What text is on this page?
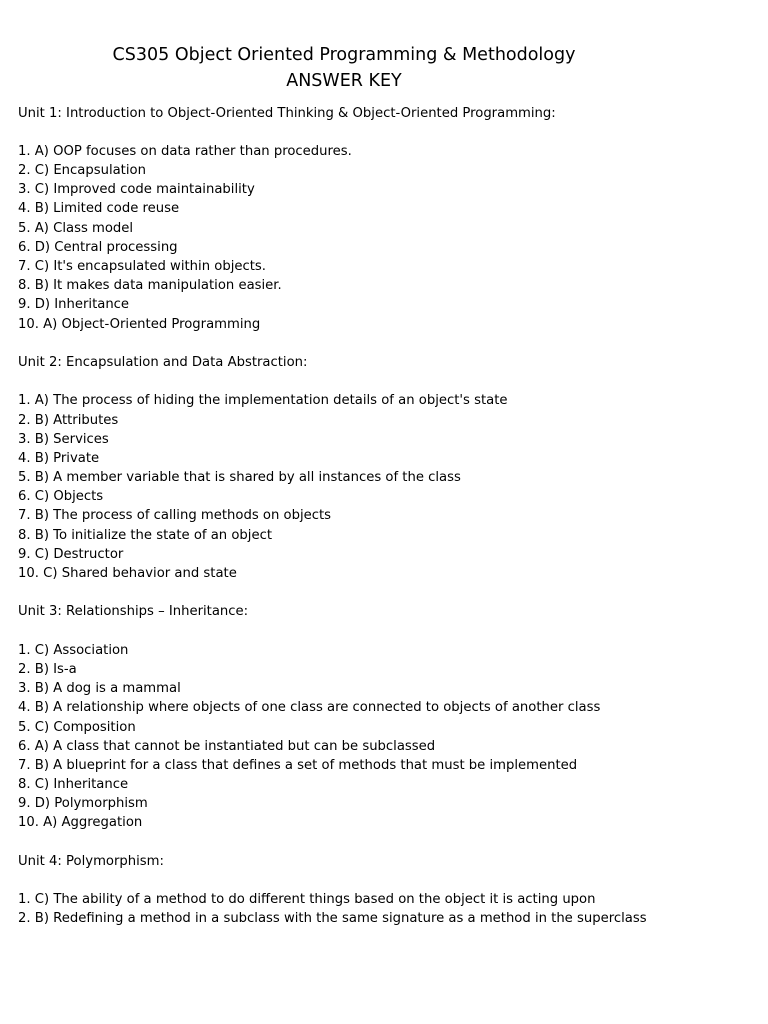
CS305 Object Oriented Programming & Methodology
ANSWER KEY
Unit 1: Introduction to Object-Oriented Thinking & Object-Oriented Programming:
1. A) OOP focuses on data rather than procedures.
2. C) Encapsulation
3. C) Improved code maintainability
4. B) Limited code reuse
5. A) Class model
6. D) Central processing
7. C) It's encapsulated within objects.
8. B) It makes data manipulation easier.
9. D) Inheritance
10. A) Object-Oriented Programming
Unit 2: Encapsulation and Data Abstraction:
1. A) The process of hiding the implementation details of an object's state
2. B) Attributes
3. B) Services
4. B) Private
5. B) A member variable that is shared by all instances of the class
6. C) Objects
7. B) The process of calling methods on objects
8. B) To initialize the state of an object
9. C) Destructor
10. C) Shared behavior and state
Unit 3: Relationships – Inheritance:
1. C) Association
2. B) Is-a
3. B) A dog is a mammal
4. B) A relationship where objects of one class are connected to objects of another class
5. C) Composition
6. A) A class that cannot be instantiated but can be subclassed
7. B) A blueprint for a class that defines a set of methods that must be implemented
8. C) Inheritance
9. D) Polymorphism
10. A) Aggregation
Unit 4: Polymorphism:
1. C) The ability of a method to do different things based on the object it is acting upon
2. B) Redefining a method in a subclass with the same signature as a method in the superclass
